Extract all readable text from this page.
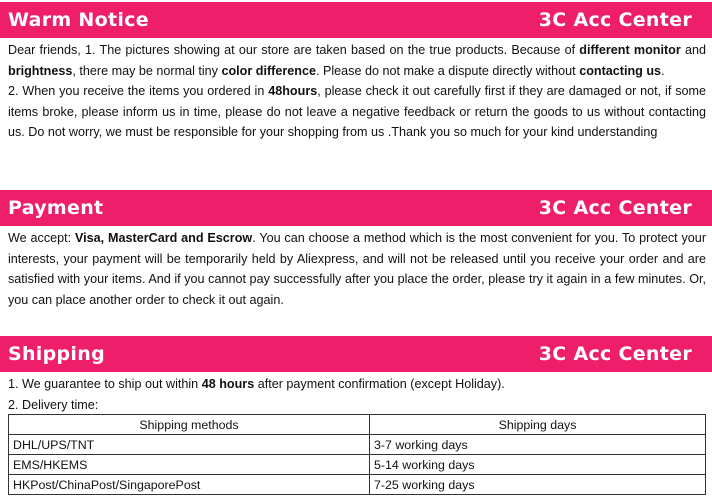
Warm Notice	3C Acc Center

Dear friends, 1. The pictures showing at our store are taken based on the true products. Because of different monitor and brightness, there may be normal tiny color difference. Please do not make a dispute directly without contacting us.

2. When you receive the items you ordered in 48hours, please check it out carefully first if they are damaged or not, if some items broke, please inform us in time, please do not leave a negative feedback or return the goods to us without contacting us. Do not worry, we must be responsible for your shopping from us .Thank you so much for your kind understanding

Payment	3C Acc Center

We accept: Visa, MasterCard and Escrow. You can choose a method which is the most convenient for you. To protect your interests, your payment will be temporarily held by Aliexpress, and will not be released until you receive your order and are satisfied with your items. And if you cannot pay successfully after you place the order, please try it again in a few minutes. Or, you can place another order to check it out again.

Shipping	3C Acc Center

1. We guarantee to ship out within 48 hours after payment confirmation (except Holiday).

2. Delivery time:

Shipping methods	Shipping days
DHL/UPS/TNT	3-7 working days
EMS/HKEMS	5-14 working days
HKPost/ChinaPost/SingaporePost	7-25 working days
